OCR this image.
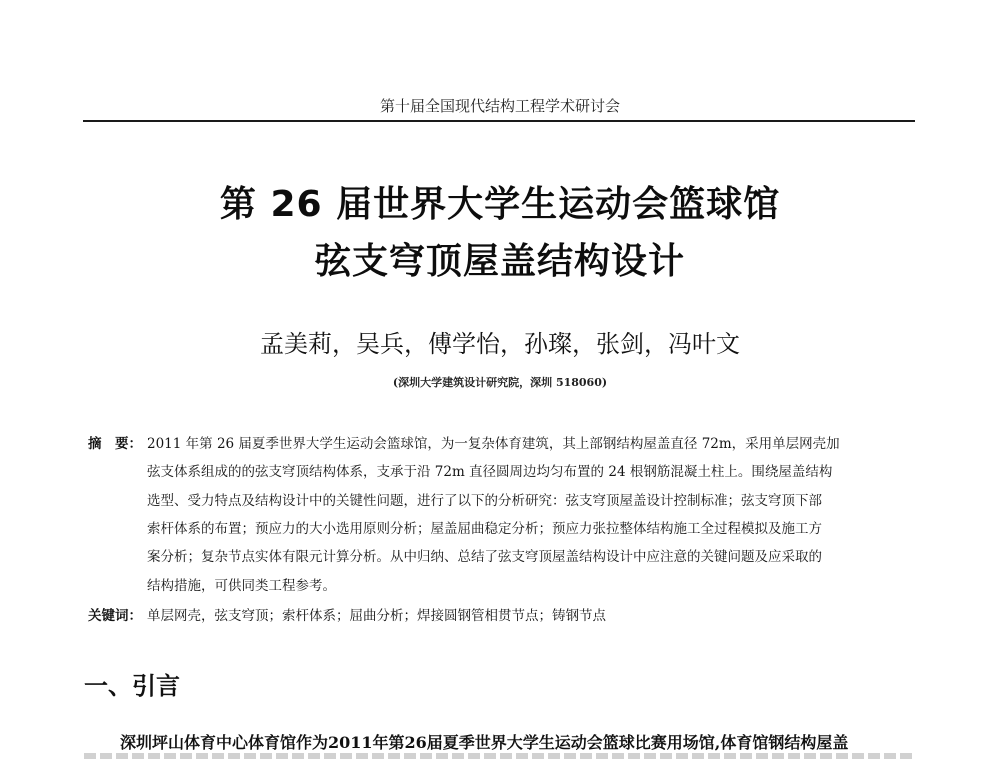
第十届全国现代结构工程学术研讨会
第 26 届世界大学生运动会篮球馆
弦支穹顶屋盖结构设计
孟美莉，吴兵，傅学怡，孙璨，张剑，冯叶文
(深圳大学建筑设计研究院，深圳 518060)
摘　要： 2011 年第 26 届夏季世界大学生运动会篮球馆，为一复杂体育建筑，其上部钢结构屋盖直径 72m，采用单层网壳加
弦支体系组成的的弦支穹顶结构体系，支承于沿 72m 直径圆周边均匀布置的 24 根钢筋混凝土柱上。围绕屋盖结构
选型、受力特点及结构设计中的关键性问题，进行了以下的分析研究：弦支穹顶屋盖设计控制标准；弦支穹顶下部
索杆体系的布置；预应力的大小选用原则分析；屋盖屈曲稳定分析；预应力张拉整体结构施工全过程模拟及施工方
案分析；复杂节点实体有限元计算分析。从中归纳、总结了弦支穹顶屋盖结构设计中应注意的关键问题及应采取的
结构措施，可供同类工程参考。
关键词： 单层网壳，弦支穹顶；索杆体系；屈曲分析；焊接圆钢管相贯节点；铸钢节点
一、引言
深圳坪山体育中心体育馆作为2011年第26届夏季世界大学生运动会篮球比赛用场馆,体育馆钢结构屋盖
